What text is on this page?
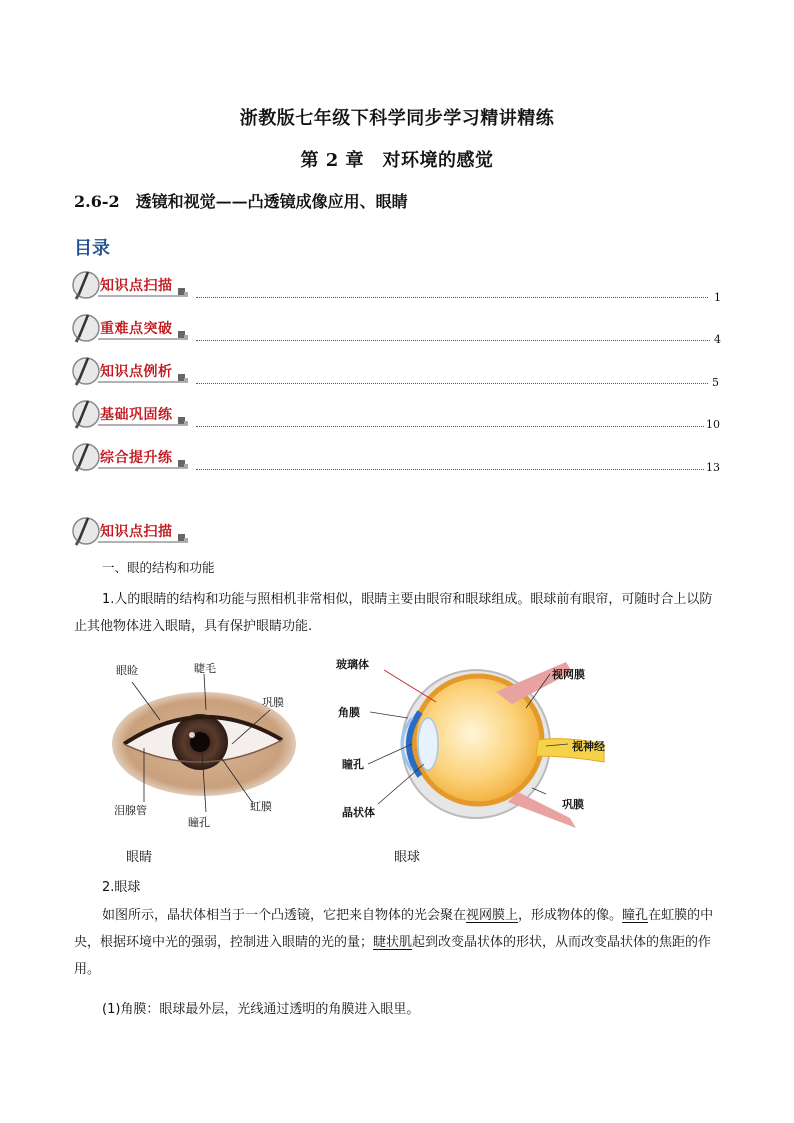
浙教版七年级下科学同步学习精讲精练
第 2 章　对环境的感觉
2.6-2　透镜和视觉——凸透镜成像应用、眼睛
目录
知识点扫描
1
重难点突破
4
知识点例析
5
基础巩固练
10
综合提升练
13
知识点扫描
一、眼的结构和功能
1.人的眼睛的结构和功能与照相机非常相似，眼睛主要由眼帘和眼球组成。眼球前有眼帘，可随时合上以防止其他物体进入眼睛，具有保护眼睛功能.
眼睑	睫毛
巩膜
泪腺管
瞳孔
虹膜
眼睛
玻璃体
角膜
瞳孔
晶状体
视网膜
视神经
巩膜
眼球
2.眼球
如图所示，晶状体相当于一个凸透镜，它把来自物体的光会聚在视网膜上，形成物体的像。瞳孔在虹膜的中央，根据环境中光的强弱，控制进入眼睛的光的量；睫状肌起到改变晶状体的形状，从而改变晶状体的焦距的作用。
(1)角膜：眼球最外层，光线通过透明的角膜进入眼里。
